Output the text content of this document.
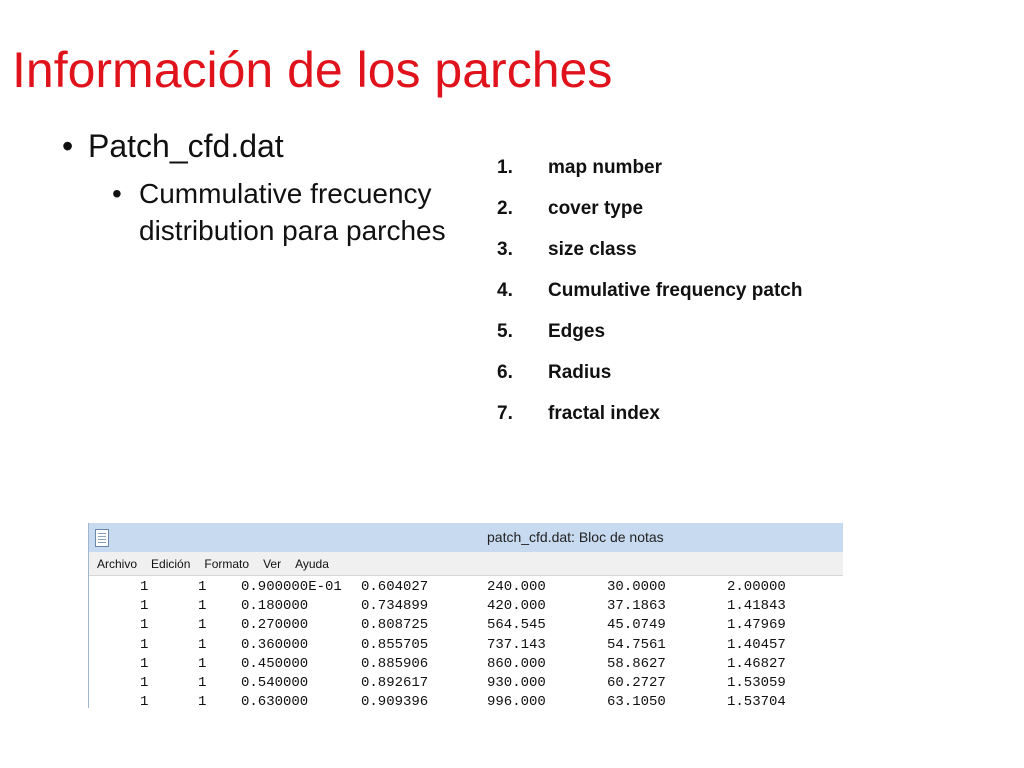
Información de los parches
• Patch_cfd.dat
• Cummulative frecuency distribution para parches
1.	map number
2.	cover type
3.	size class
4.	Cumulative frequency patch
5.	Edges
6.	Radius
7.	fractal index
patch_cfd.dat: Bloc de notas
Archivo Edición Formato Ver Ayuda
1	1 0.900000E-01 0.604027	240.000	30.0000	2.00000
1	1 0.180000	0.734899	420.000	37.1863	1.41843
1	1 0.270000	0.808725	564.545	45.0749	1.47969
1	1 0.360000	0.855705	737.143	54.7561	1.40457
1	1 0.450000	0.885906	860.000	58.8627	1.46827
1	1 0.540000	0.892617	930.000	60.2727	1.53059
1	1 0.630000	0.909396	996.000	63.1050	1.53704
